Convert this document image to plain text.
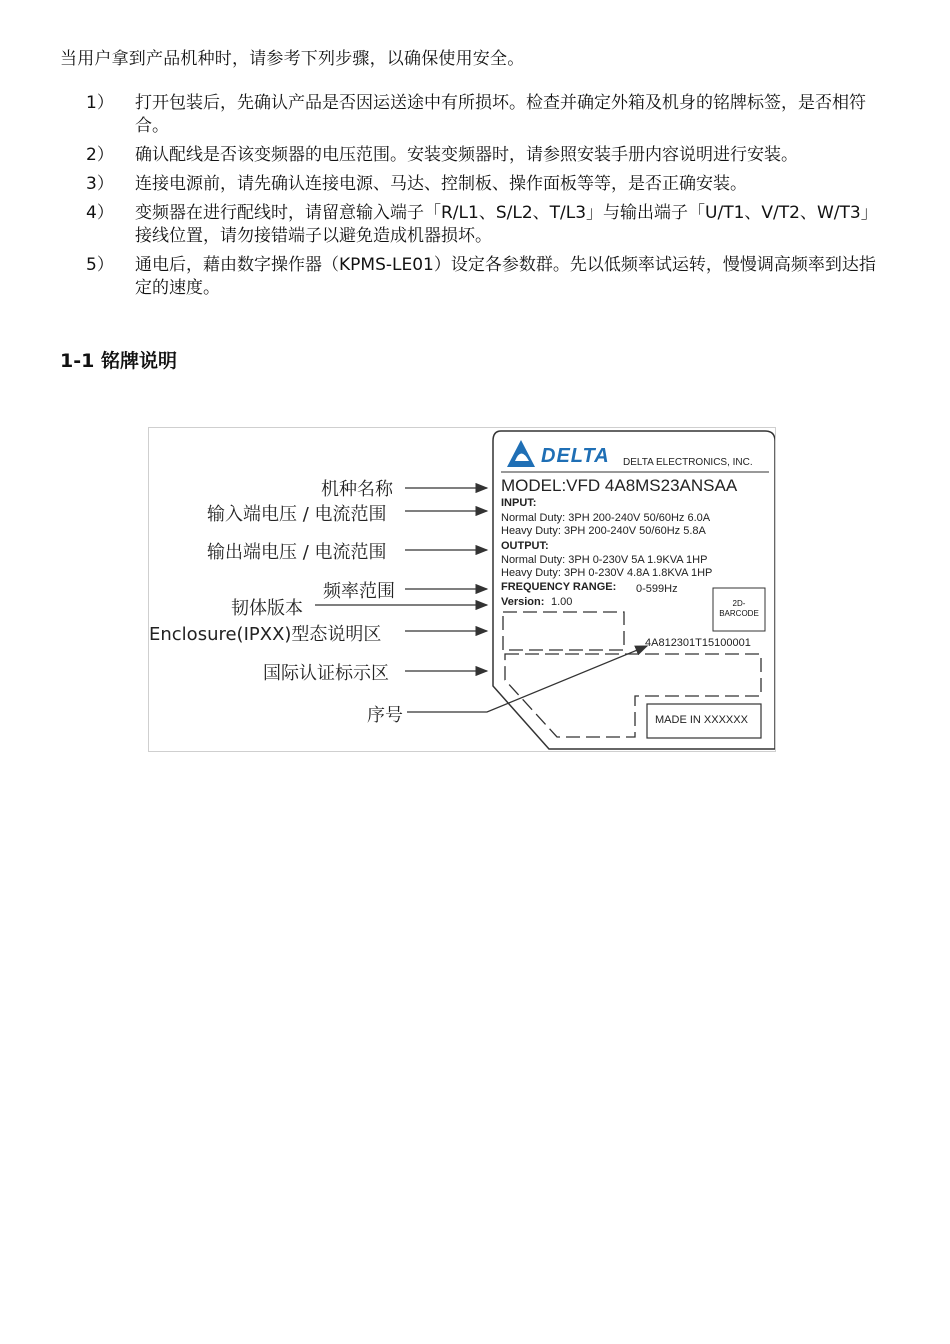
当用户拿到产品机种时，请参考下列步骤，以确保使用安全。
1） 打开包装后，先确认产品是否因运送途中有所损坏。检查并确定外箱及机身的铭牌标签，是否相符合。
2） 确认配线是否该变频器的电压范围。安装变频器时，请参照安装手册内容说明进行安装。
3） 连接电源前，请先确认连接电源、马达、控制板、操作面板等等，是否正确安装。
4） 变频器在进行配线时，请留意输入端子「R/L1、S/L2、T/L3」与输出端子「U/T1、V/T2、W/T3」接线位置，请勿接错端子以避免造成机器损坏。
5） 通电后，藉由数字操作器（KPMS-LE01）设定各参数群。先以低频率试运转，慢慢调高频率到达指定的速度。
1-1 铭牌说明
机种名称
输入端电压 / 电流范围
输出端电压 / 电流范围
频率范围
韧体版本
Enclosure(IPXX)型态说明区
国际认证标示区
序号
DELTA DELTA ELECTRONICS, INC.
MODEL:VFD 4A8MS23ANSAA
INPUT:
Normal Duty: 3PH 200-240V 50/60Hz 6.0A
Heavy Duty: 3PH 200-240V 50/60Hz 5.8A
OUTPUT:
Normal Duty: 3PH 0-230V 5A 1.9KVA 1HP
Heavy Duty: 3PH 0-230V 4.8A 1.8KVA 1HP
FREQUENCY RANGE: 0-599Hz
Version: 1.00	2D-
BARCODE
4A812301T15100001
MADE IN XXXXXX
